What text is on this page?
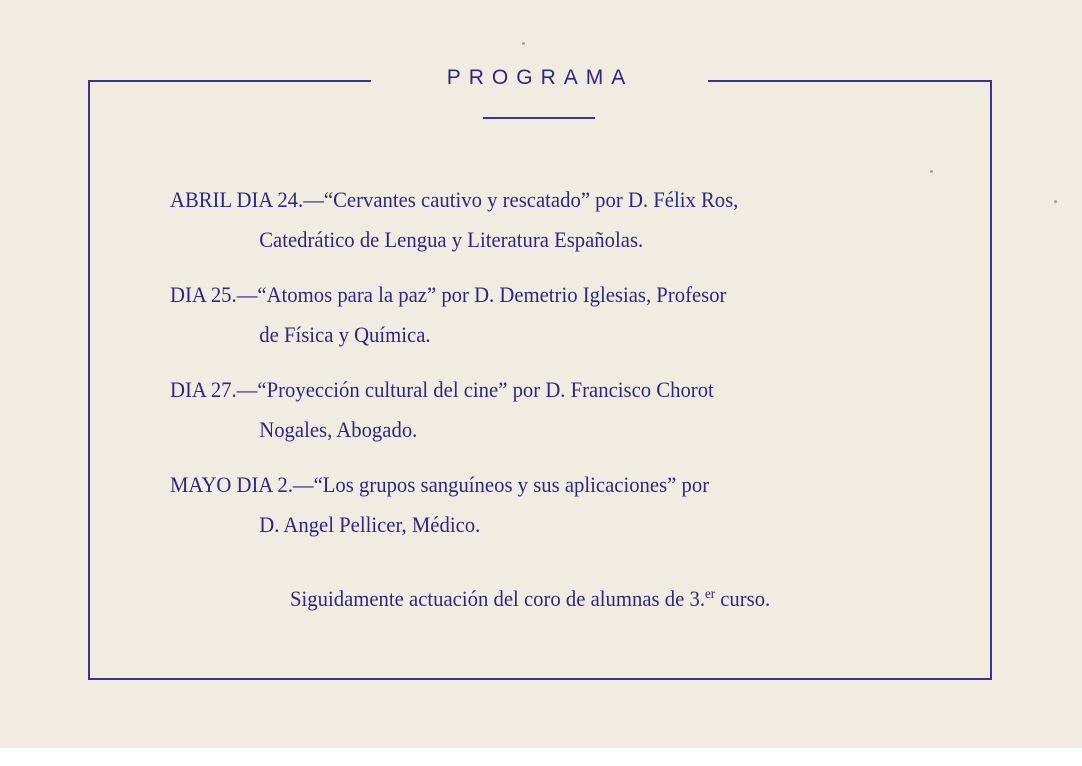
PROGRAMA
ABRIL DIA 24.—“Cervantes cautivo y rescatado” por D. Félix Ros,
Catedrático de Lengua y Literatura Españolas.
DIA 25.—“Atomos para la paz” por D. Demetrio Iglesias, Profesor
de Física y Química.
DIA 27.—“Proyección cultural del cine” por D. Francisco Chorot
Nogales, Abogado.
MAYO DIA 2.—“Los grupos sanguíneos y sus aplicaciones” por
D. Angel Pellicer, Médico.
Siguidamente actuación del coro de alumnas de 3.$^{er}$ curso.
